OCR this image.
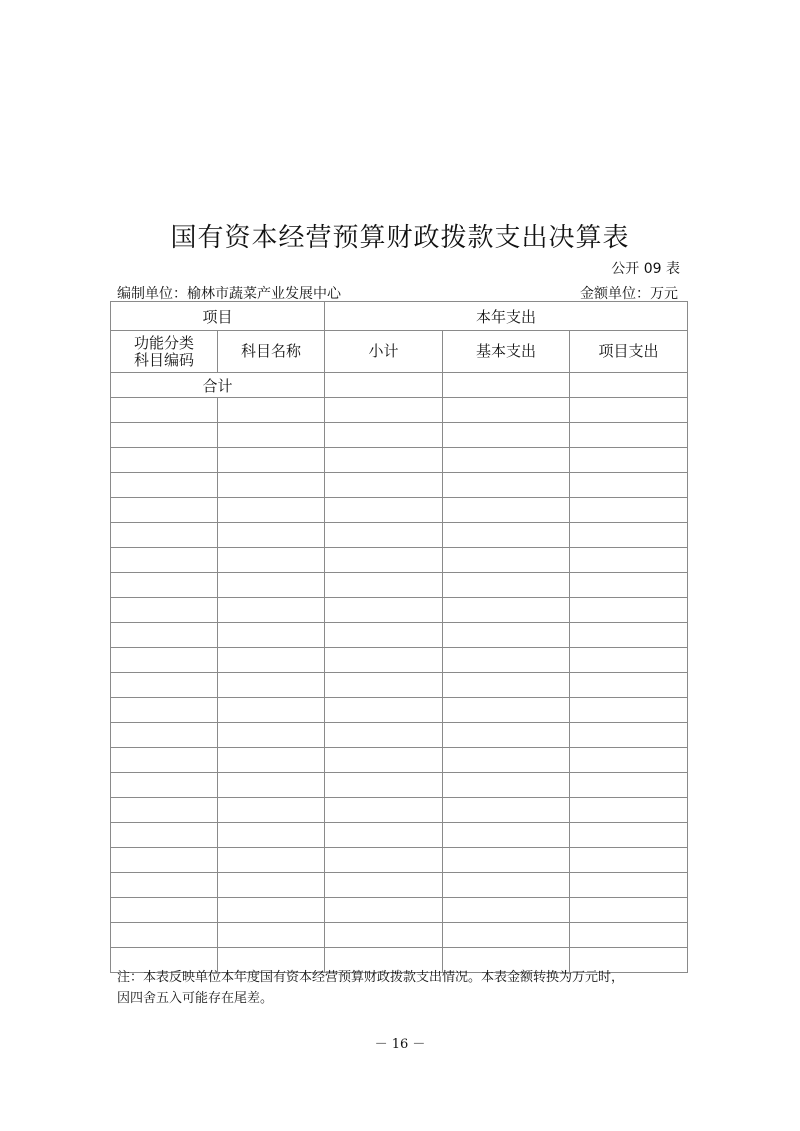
国有资本经营预算财政拨款支出决算表
公开 09 表
编制单位：榆林市蔬菜产业发展中心	金额单位：万元
项目		本年支出		

功能分类
科目编码	科目名称	小计	基本支出	项目支出
合计				

注：本表反映单位本年度国有资本经营预算财政拨款支出情况。本表金额转换为万元时，
因四舍五入可能存在尾差。
－ 16 －
